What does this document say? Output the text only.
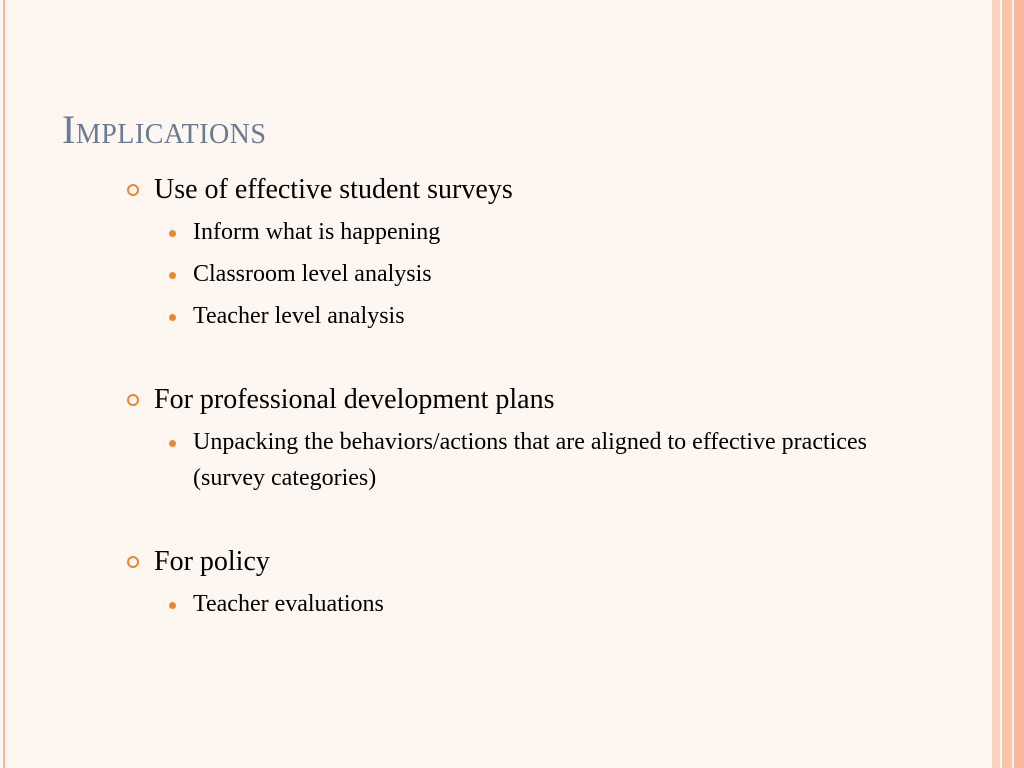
Implications
Use of effective student surveys
Inform what is happening
Classroom level analysis
Teacher level analysis
For professional development plans
Unpacking the behaviors/actions that are aligned to effective practices (survey categories)
For policy
Teacher evaluations
